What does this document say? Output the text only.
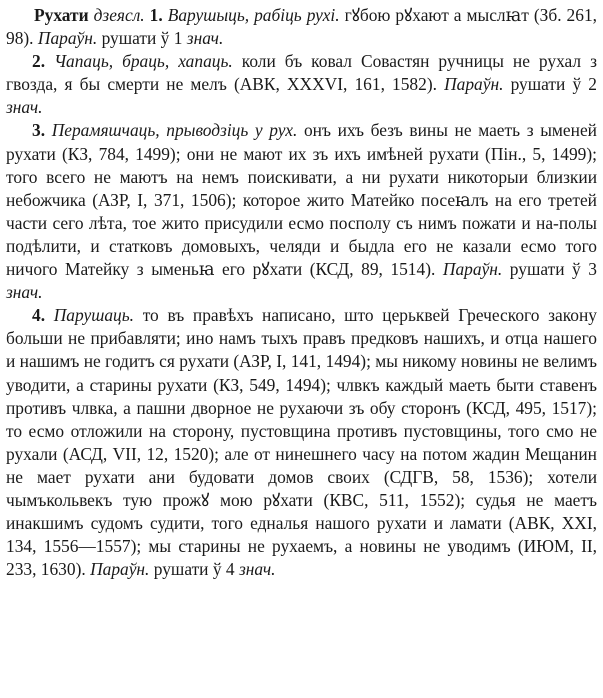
Рухати дзеясл. 1. Варушыць, рабіць рухі. гꙋбою рꙋхают а мыслꙗт (Зб. 261, 98). Параўн. рушати ў 1 знач.

2. Чапаць, браць, хапаць. коли бъ ковал Совастян ручницы не рухал з гвозда, я бы смерти не мелъ (АВК, XXXVI, 161, 1582). Параўн. рушати ў 2 знач.

3. Перамяшчаць, прыводзіць у рух. онъ ихъ безъ вины не маеть з ыменей рухати (КЗ, 784, 1499); они не мают их зъ ихъ имѣней рухати (Пін., 5, 1499); того всего не маютъ на немъ поискивати, а ни рухати никоторыи близкии небожчика (АЗР, I, 371, 1506); которое жито Матейко посеꙗлъ на его третей части сего лѣта, тое жито присудили есмо посполу съ нимъ пожати и на-полы подѣлити, и статковъ домовыхъ, челяди и быдла его не казали есмо того ничого Матейку з ыменьꙗ его рꙋхати (КСД, 89, 1514). Параўн. рушати ў 3 знач.

4. Парушаць. то въ правѣхъ написано, што церьквей Греческого закону больши не прибавляти; ино намъ тыхъ правъ предковъ нашихъ, и отца нашего и нашимъ не годитъ ся рухати (АЗР, I, 141, 1494); мы никому новины не велимъ уводити, а старины рухати (КЗ, 549, 1494); члвкъ каждый маеть быти ставенъ противъ члвка, а пашни дворное не рухаючи зъ обу сторонъ (КСД, 495, 1517); то есмо отложили на сторону, пустовщина противъ пустовщины, того смо не рухали (АСД, VII, 12, 1520); але от нинешнего часу на потом жадин Мещанин не мает рухати ани будовати домов своих (СДГВ, 58, 1536); хотели чымъкольвекъ тую прожꙋ мою рꙋхати (КВС, 511, 1552); судья не маетъ инакшимъ судомъ судити, того едналья нашого рухати и ламати (АВК, XXI, 134, 1556—1557); мы старины не рухаемъ, а новины не уводимъ (ИЮМ, II, 233, 1630). Параўн. рушати ў 4 знач.
